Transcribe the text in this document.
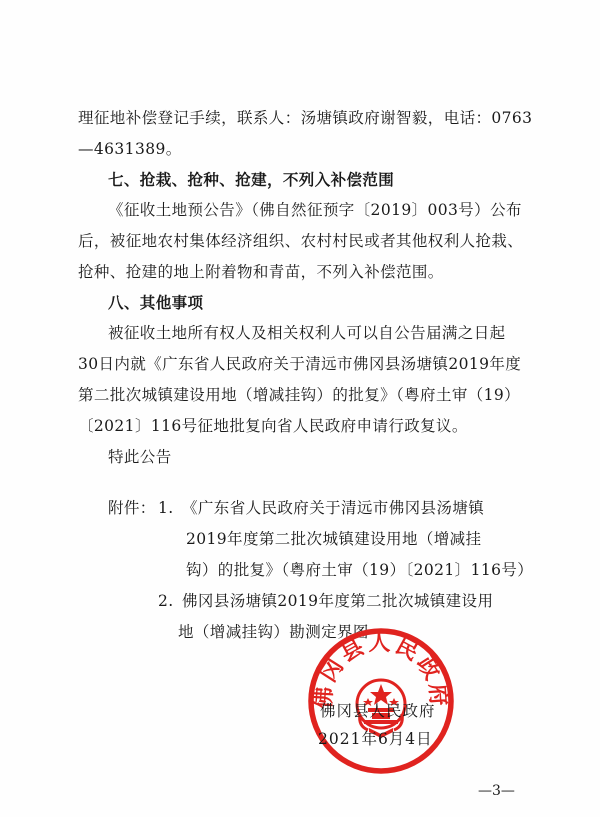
理征地补偿登记手续，联系人：汤塘镇政府谢智毅，电话：0763
—4631389。
七、抢栽、抢种、抢建，不列入补偿范围
《征收土地预公告》（佛自然征预字〔2019〕003号）公布
后，被征地农村集体经济组织、农村村民或者其他权利人抢栽、
抢种、抢建的地上附着物和青苗，不列入补偿范围。
八、其他事项
被征收土地所有权人及相关权利人可以自公告届满之日起
30日内就《广东省人民政府关于清远市佛冈县汤塘镇2019年度
第二批次城镇建设用地（增减挂钩）的批复》（粤府土审（19）
〔2021〕116号征地批复向省人民政府申请行政复议。
特此公告
附件： 1. 《广东省人民政府关于清远市佛冈县汤塘镇
2019年度第二批次城镇建设用地（增减挂
钩）的批复》（粤府土审（19）〔2021〕116号）
2. 佛冈县汤塘镇2019年度第二批次城镇建设用
地（增减挂钩）勘测定界图
佛冈县人民政府
佛冈县人民政府
2021年6月4日
—3—
